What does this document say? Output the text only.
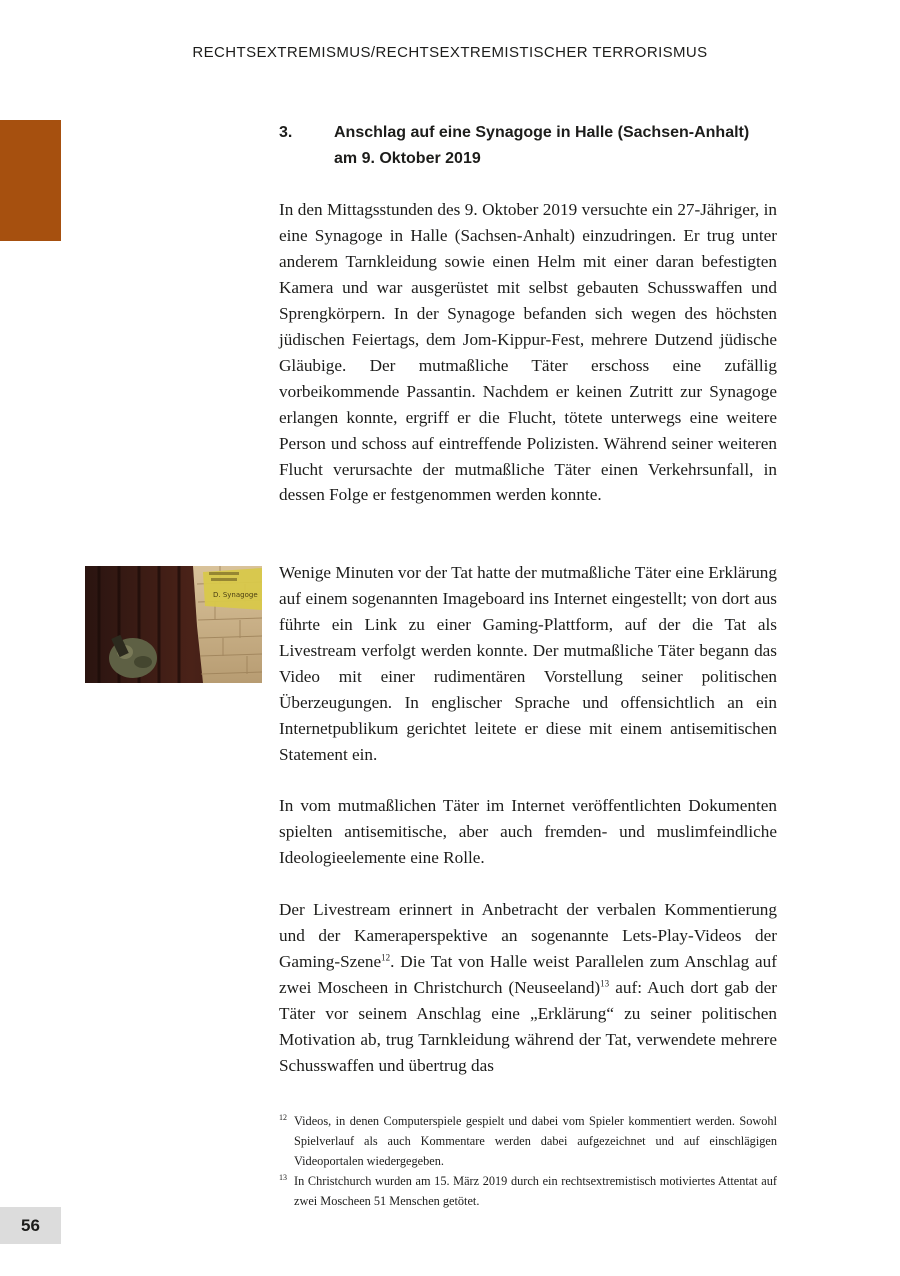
RECHTSEXTREMISMUS/RECHTSEXTREMISTISCHER TERRORISMUS
3.	Anschlag auf eine Synagoge in Halle (Sachsen-Anhalt) am 9. Oktober 2019

In den Mittagsstunden des 9. Oktober 2019 versuchte ein 27-Jähriger, in eine Synagoge in Halle (Sachsen-Anhalt) einzudringen. Er trug unter anderem Tarnkleidung sowie einen Helm mit einer daran befestigten Kamera und war ausgerüstet mit selbst gebauten Schusswaffen und Sprengkörpern. In der Synagoge befanden sich wegen des höchsten jüdischen Feiertags, dem Jom-Kippur-Fest, mehrere Dutzend jüdische Gläubige. Der mutmaßliche Täter erschoss eine zufällig vorbeikommende Passantin. Nachdem er keinen Zutritt zur Synagoge erlangen konnte, ergriff er die Flucht, tötete unterwegs eine weitere Person und schoss auf eintreffende Polizisten. Während seiner weiteren Flucht verursachte der mutmaßliche Täter einen Verkehrsunfall, in dessen Folge er festgenommen werden konnte.

D. Synagoge

Wenige Minuten vor der Tat hatte der mutmaßliche Täter eine Erklärung auf einem sogenannten Imageboard ins Internet eingestellt; von dort aus führte ein Link zu einer Gaming-Plattform, auf der die Tat als Livestream verfolgt werden konnte. Der mutmaßliche Täter begann das Video mit einer rudimentären Vorstellung seiner politischen Überzeugungen. In englischer Sprache und offensichtlich an ein Internetpublikum gerichtet leitete er diese mit einem antisemitischen Statement ein.

In vom mutmaßlichen Täter im Internet veröffentlichten Dokumenten spielten antisemitische, aber auch fremden- und muslimfeindliche Ideologieelemente eine Rolle.

Der Livestream erinnert in Anbetracht der verbalen Kommentierung und der Kameraperspektive an sogenannte Lets-Play-Videos der Gaming-Szene$^{12}$. Die Tat von Halle weist Parallelen zum Anschlag auf zwei Moscheen in Christchurch (Neuseeland)$^{13}$ auf: Auch dort gab der Täter vor seinem Anschlag eine „Erklärung“ zu seiner politischen Motivation ab, trug Tarnkleidung während der Tat, verwendete mehrere Schusswaffen und übertrug das

12 Videos, in denen Computerspiele gespielt und dabei vom Spieler kommentiert werden. Sowohl Spielverlauf als auch Kommentare werden dabei aufgezeichnet und auf einschlägigen Videoportalen wiedergegeben.
13 In Christchurch wurden am 15. März 2019 durch ein rechtsextremistisch motiviertes Attentat auf zwei Moscheen 51 Menschen getötet.
56
